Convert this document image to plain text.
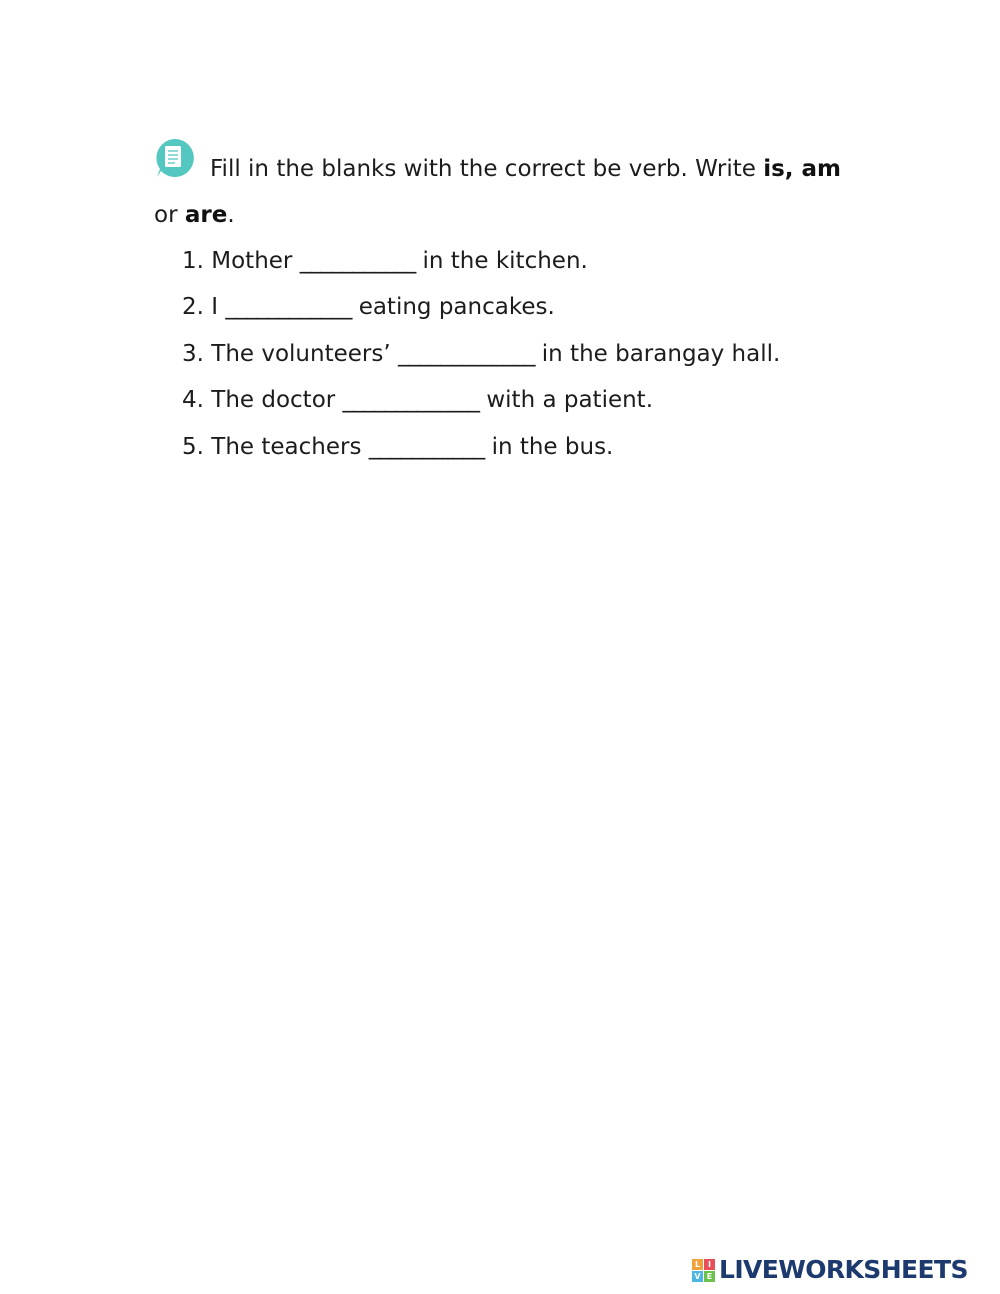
Fill in the blanks with the correct be verb. Write is, am
or are.
1. Mother ___________ in the kitchen.
2. I ____________ eating pancakes.
3. The volunteers’ _____________ in the barangay hall.
4. The doctor _____________ with a patient.
5. The teachers ___________ in the bus.
L I
V E LIVEWORKSHEETS
